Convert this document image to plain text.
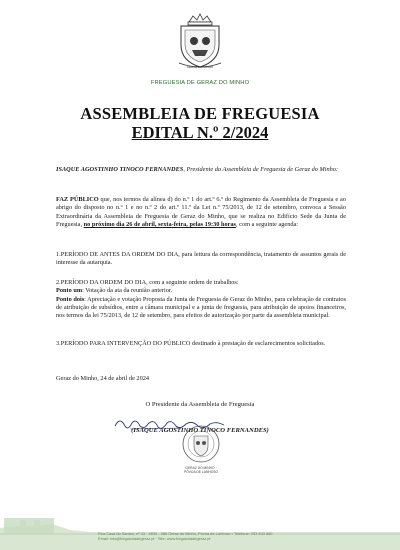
GERAZ DO MINHO
FREGUESIA DE GERAZ DO MINHO
ASSEMBLEIA DE FREGUESIA
EDITAL N.º 2/2024
ISAQUE AGOSTINHO TINOCO FERNANDES, Presidente da Assembleia de Freguesia de Geraz do Minho:
FAZ PÚBLICO que, nos termos da alínea d) do n.º 1 do art.º 6.º do Regimento da Assembleia de Freguesia e ao abrigo do disposto no n.º 1 e no n.º 2 do art.º 11.º da Lei n.º 75/2013, de 12 de setembro, convoca a Sessão Extraordinária da Assembleia de Freguesia de Geraz do Minho, que se realiza no Edifício Sede da Junta de Freguesia, no próximo dia 26 de abril, sexta-feira, pelas 19:30 horas, com a seguinte agenda:
1.PERÍODO DE ANTES DA ORDEM DO DIA, para leitura da correspondência, tratamento de assuntos gerais de interesse da autarquia.
2.PERÍODO DA ORDEM DO DIA, com a seguinte ordem de trabalhos:
Ponto um: Votação da ata da reunião anterior.
Ponto dois: Apreciação e votação Proposta da Junta de Freguesia de Geraz do Minho, para celebração de contratos de atribuição de subsídios, entre a câmara municipal e a junta de freguesia, para atribuição de apoios financeiros, nos termos da lei 75/2013, de 12 de setembro, para efeitos de autorização por parte da assembleia municipal.
3.PERÍODO PARA INTERVENÇÃO DO PÚBLICO destinado à prestação de esclarecimentos solicitados.
Geraz do Minho, 24 de abril de 2024
O Presidente da Assembleia de Freguesia
(ISAQUE AGOSTINHO TINOCO FERNANDES)
GERAZ DO MINHO · PÓVOA DE LANHOSO
Rua Casa do Santos, nº 43 · 4830 - 386 Geraz do Minho, Póvoa de Lanhoso • Telefone: 253 633 860
Email: info@fregueziadegeraz.pt · Site: www.fregueziadegeraz.pt
